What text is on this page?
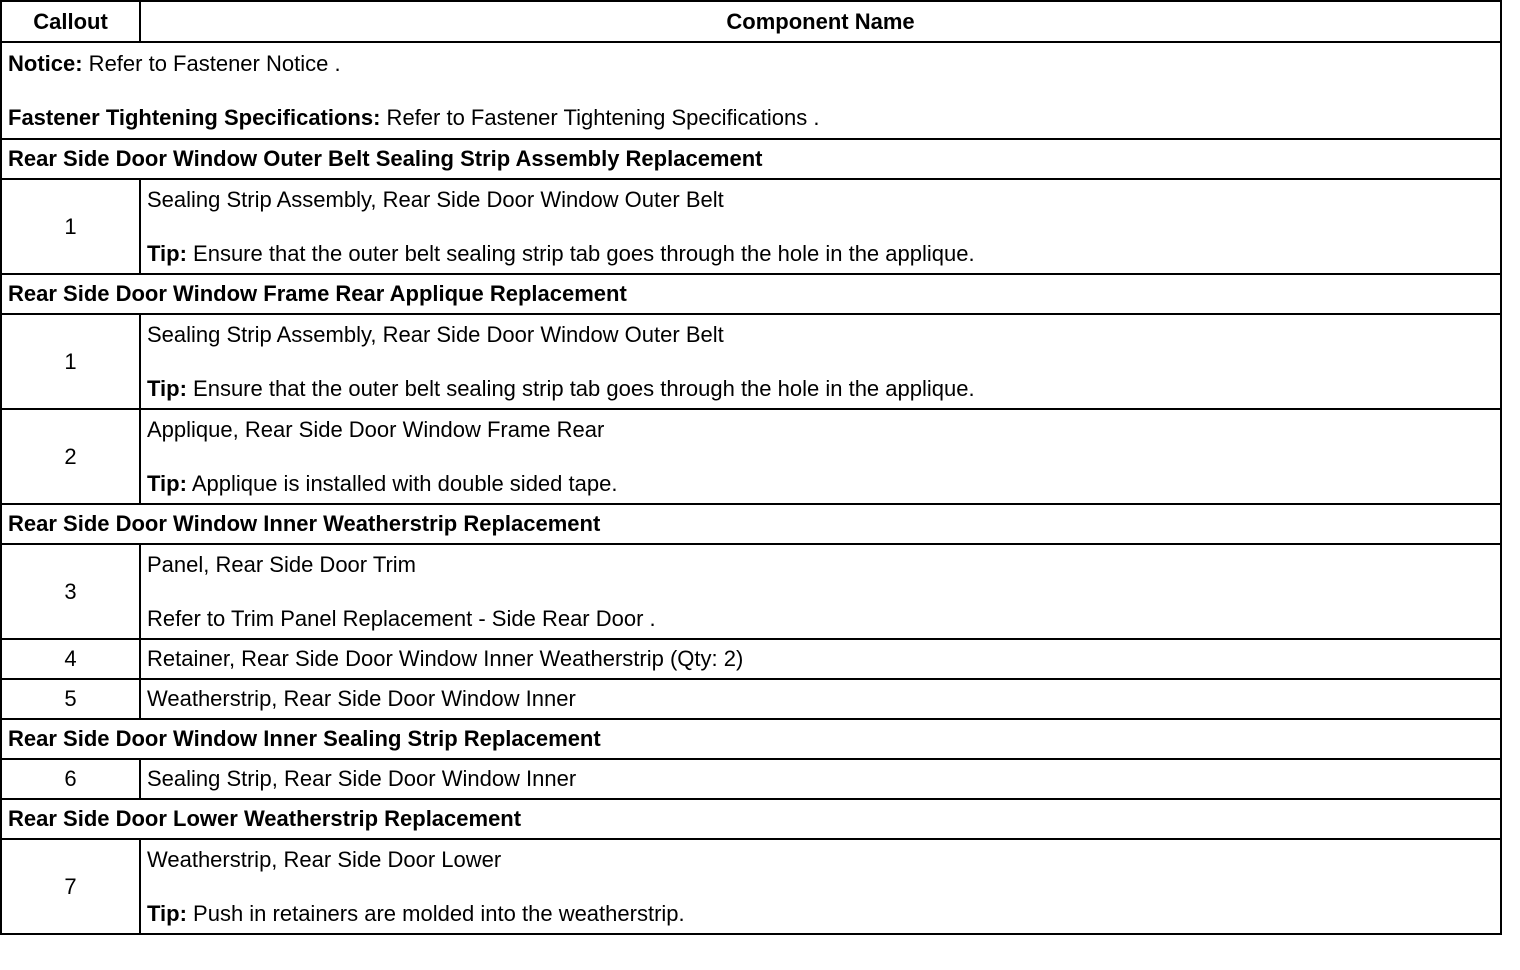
Callout	Component Name

Notice: Refer to Fastener Notice .

Fastener Tightening Specifications: Refer to Fastener Tightening Specifications .	

Rear Side Door Window Outer Belt Sealing Strip Assembly Replacement	
1	Sealing Strip Assembly, Rear Side Door Window Outer Belt

Tip: Ensure that the outer belt sealing strip tab goes through the hole in the applique.

Rear Side Door Window Frame Rear Applique Replacement	
1	Sealing Strip Assembly, Rear Side Door Window Outer Belt

Tip: Ensure that the outer belt sealing strip tab goes through the hole in the applique.

2	Applique, Rear Side Door Window Frame Rear

Tip: Applique is installed with double sided tape.

Rear Side Door Window Inner Weatherstrip Replacement	
3	Panel, Rear Side Door Trim

Refer to Trim Panel Replacement - Side Rear Door .

4	Retainer, Rear Side Door Window Inner Weatherstrip (Qty: 2)
5	Weatherstrip, Rear Side Door Window Inner
Rear Side Door Window Inner Sealing Strip Replacement	
6	Sealing Strip, Rear Side Door Window Inner
Rear Side Door Lower Weatherstrip Replacement	
7	Weatherstrip, Rear Side Door Lower

Tip: Push in retainers are molded into the weatherstrip.
